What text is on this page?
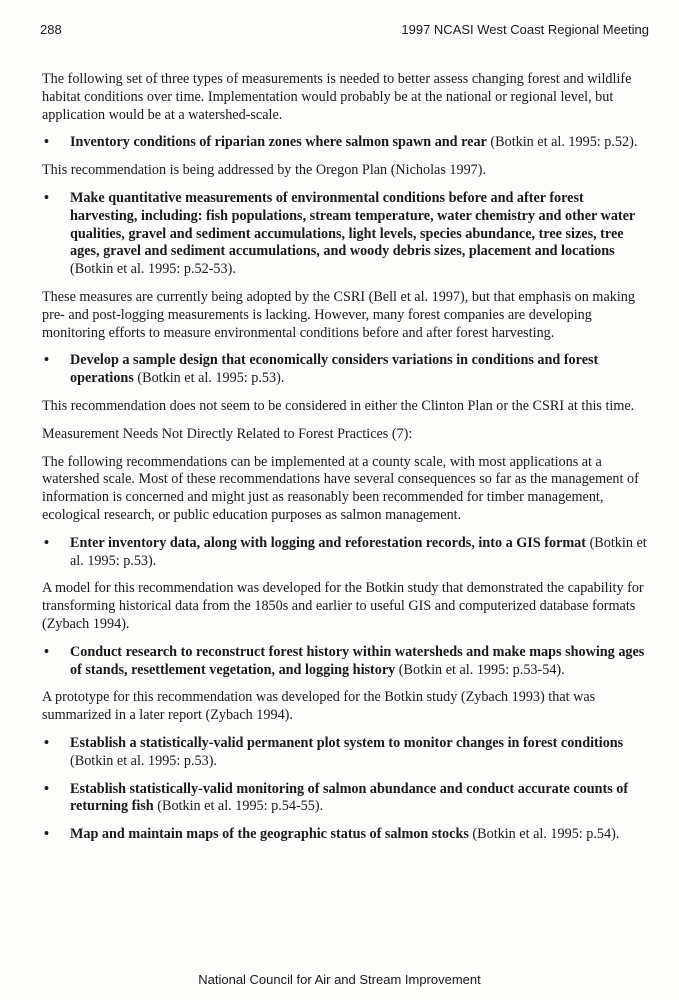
288	1997 NCASI West Coast Regional Meeting

The following set of three types of measurements is needed to better assess changing forest and wildlife habitat conditions over time. Implementation would probably be at the national or regional level, but application would be at a watershed-scale.

•	Inventory conditions of riparian zones where salmon spawn and rear (Botkin et al. 1995: p.52).

This recommendation is being addressed by the Oregon Plan (Nicholas 1997).

•	Make quantitative measurements of environmental conditions before and after forest harvesting, including: fish populations, stream temperature, water chemistry and other water qualities, gravel and sediment accumulations, light levels, species abundance, tree sizes, tree ages, gravel and sediment accumulations, and woody debris sizes, placement and locations (Botkin et al. 1995: p.52-53).

These measures are currently being adopted by the CSRI (Bell et al. 1997), but that emphasis on making pre- and post-logging measurements is lacking. However, many forest companies are developing monitoring efforts to measure environmental conditions before and after forest harvesting.

•	Develop a sample design that economically considers variations in conditions and forest operations (Botkin et al. 1995: p.53).

This recommendation does not seem to be considered in either the Clinton Plan or the CSRI at this time.

Measurement Needs Not Directly Related to Forest Practices (7):

The following recommendations can be implemented at a county scale, with most applications at a watershed scale. Most of these recommendations have several consequences so far as the management of information is concerned and might just as reasonably been recommended for timber management, ecological research, or public education purposes as salmon management.

•	Enter inventory data, along with logging and reforestation records, into a GIS format (Botkin et al. 1995: p.53).

A model for this recommendation was developed for the Botkin study that demonstrated the capability for transforming historical data from the 1850s and earlier to useful GIS and computerized database formats (Zybach 1994).

•	Conduct research to reconstruct forest history within watersheds and make maps showing ages of stands, resettlement vegetation, and logging history (Botkin et al. 1995: p.53-54).

A prototype for this recommendation was developed for the Botkin study (Zybach 1993) that was summarized in a later report (Zybach 1994).

•	Establish a statistically-valid permanent plot system to monitor changes in forest conditions (Botkin et al. 1995: p.53).
•	Establish statistically-valid monitoring of salmon abundance and conduct accurate counts of returning fish (Botkin et al. 1995: p.54-55).
•	Map and maintain maps of the geographic status of salmon stocks (Botkin et al. 1995: p.54).
National Council for Air and Stream Improvement
